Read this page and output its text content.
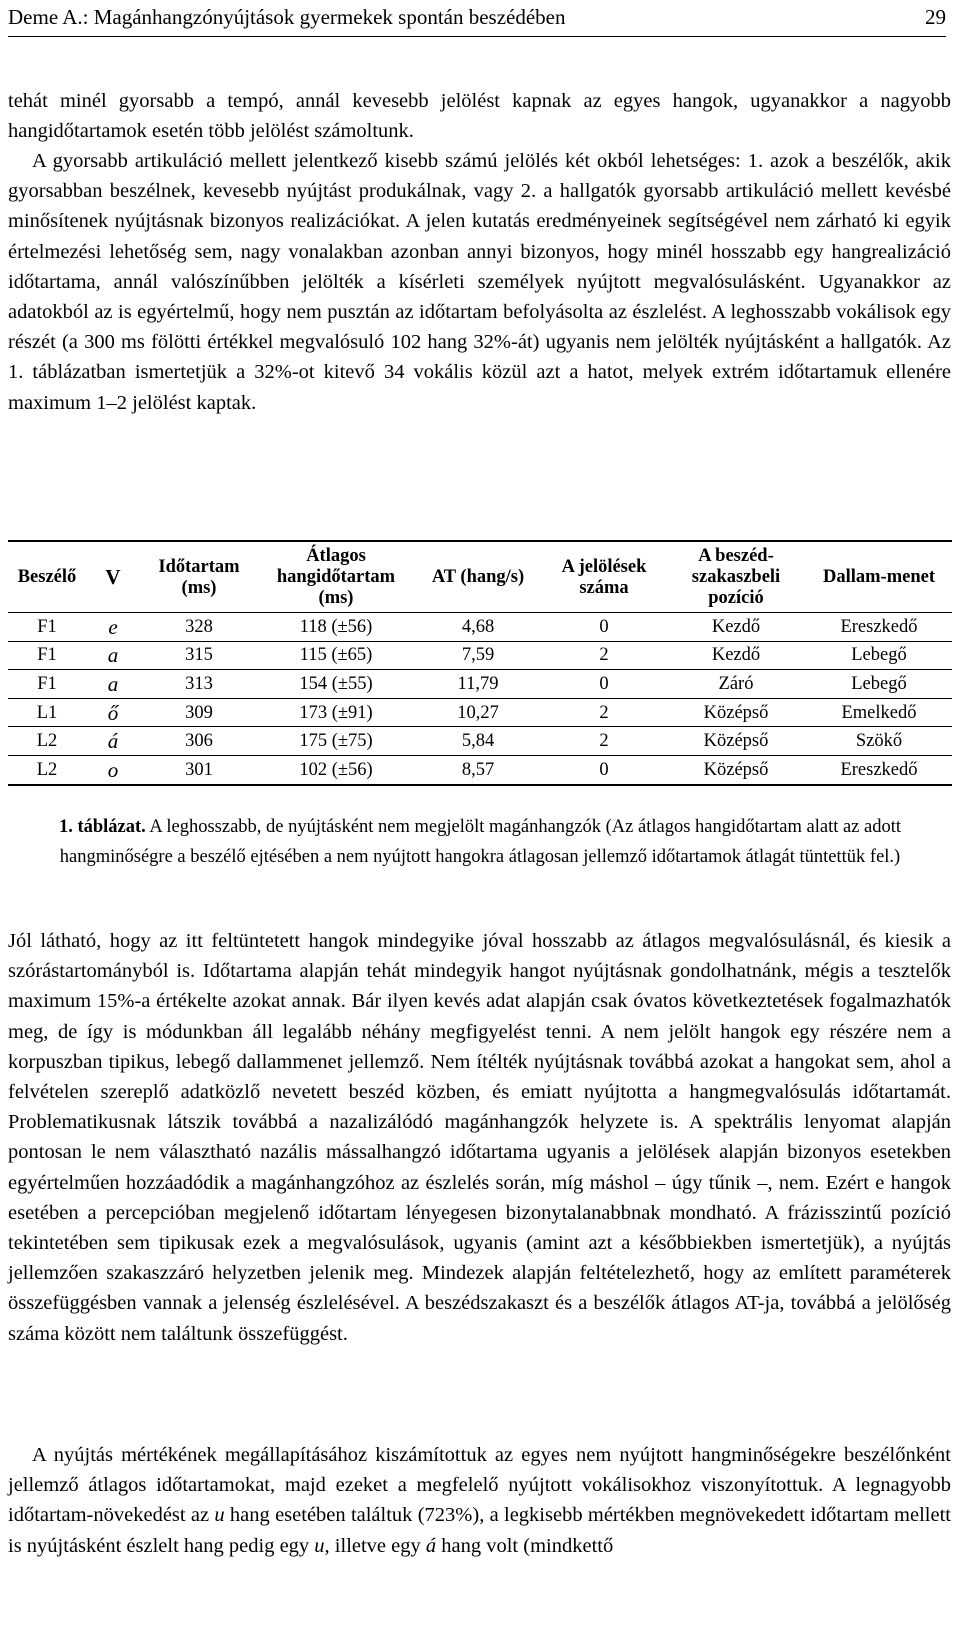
Deme A.: Magánhangzónyújtások gyermekek spontán beszédében	29

tehát minél gyorsabb a tempó, annál kevesebb jelölést kapnak az egyes hangok, ugyanakkor a nagyobb hangidőtartamok esetén több jelölést számoltunk.

A gyorsabb artikuláció mellett jelentkező kisebb számú jelölés két okból lehetséges: 1. azok a beszélők, akik gyorsabban beszélnek, kevesebb nyújtást produkálnak, vagy 2. a hallgatók gyorsabb artikuláció mellett kevésbé minősítenek nyújtásnak bizonyos realizációkat. A jelen kutatás eredményeinek segítségével nem zárható ki egyik értelmezési lehetőség sem, nagy vonalakban azonban annyi bizonyos, hogy minél hosszabb egy hangrealizáció időtartama, annál valószínűbben jelölték a kísérleti személyek nyújtott megvalósulásként. Ugyanakkor az adatokból az is egyértelmű, hogy nem pusztán az időtartam befolyásolta az észlelést. A leghosszabb vokálisok egy részét (a 300 ms fölötti értékkel megvalósuló 102 hang 32%-át) ugyanis nem jelölték nyújtásként a hallgatók. Az 1. táblázatban ismertetjük a 32%-ot kitevő 34 vokális közül azt a hatot, melyek extrém időtartamuk ellenére maximum 1–2 jelölést kaptak.

Beszélő	V	Időtartam (ms)	Átlagos hangidőtartam (ms)	AT (hang/s)	A jelölések száma	A beszéd-szakaszbeli pozíció	Dallam-menet
F1	e	328	118 (±56)	4,68	0	Kezdő	Ereszkedő
F1	a	315	115 (±65)	7,59	2	Kezdő	Lebegő
F1	a	313	154 (±55)	11,79	0	Záró	Lebegő
L1	ő	309	173 (±91)	10,27	2	Középső	Emelkedő
L2	á	306	175 (±75)	5,84	2	Középső	Szökő
L2	o	301	102 (±56)	8,57	0	Középső	Ereszkedő
1. táblázat. A leghosszabb, de nyújtásként nem megjelölt magánhangzók (Az átlagos hangidőtartam alatt az adott hangminőségre a beszélő ejtésében a nem nyújtott hangokra átlagosan jellemző időtartamok átlagát tüntettük fel.)

Jól látható, hogy az itt feltüntetett hangok mindegyike jóval hosszabb az átlagos megvalósulásnál, és kiesik a szórástartományból is. Időtartama alapján tehát mindegyik hangot nyújtásnak gondolhatnánk, mégis a tesztelők maximum 15%-a értékelte azokat annak. Bár ilyen kevés adat alapján csak óvatos következtetések fogalmazhatók meg, de így is módunkban áll legalább néhány megfigyelést tenni. A nem jelölt hangok egy részére nem a korpuszban tipikus, lebegő dallammenet jellemző. Nem ítélték nyújtásnak továbbá azokat a hangokat sem, ahol a felvételen szereplő adatközlő nevetett beszéd közben, és emiatt nyújtotta a hangmegvalósulás időtartamát. Problematikusnak látszik továbbá a nazalizálódó magánhangzók helyzete is. A spektrális lenyomat alapján pontosan le nem választható nazális mássalhangzó időtartama ugyanis a jelölések alapján bizonyos esetekben egyértelműen hozzáadódik a magánhangzóhoz az észlelés során, míg máshol – úgy tűnik –, nem. Ezért e hangok esetében a percepcióban megjelenő időtartam lényegesen bizonytalanabbnak mondható. A frázisszintű pozíció tekintetében sem tipikusak ezek a megvalósulások, ugyanis (amint azt a későbbiekben ismertetjük), a nyújtás jellemzően szakaszzáró helyzetben jelenik meg. Mindezek alapján feltételezhető, hogy az említett paraméterek összefüggésben vannak a jelenség észlelésével. A beszédszakaszt és a beszélők átlagos AT-ja, továbbá a jelölőség száma között nem találtunk összefüggést.

A nyújtás mértékének megállapításához kiszámítottuk az egyes nem nyújtott hangminőségekre beszélőnként jellemző átlagos időtartamokat, majd ezeket a megfelelő nyújtott vokálisokhoz viszonyítottuk. A legnagyobb időtartam-növekedést az u hang esetében találtuk (723%), a legkisebb mértékben megnövekedett időtartam mellett is nyújtásként észlelt hang pedig egy u, illetve egy á hang volt (mindkettő
